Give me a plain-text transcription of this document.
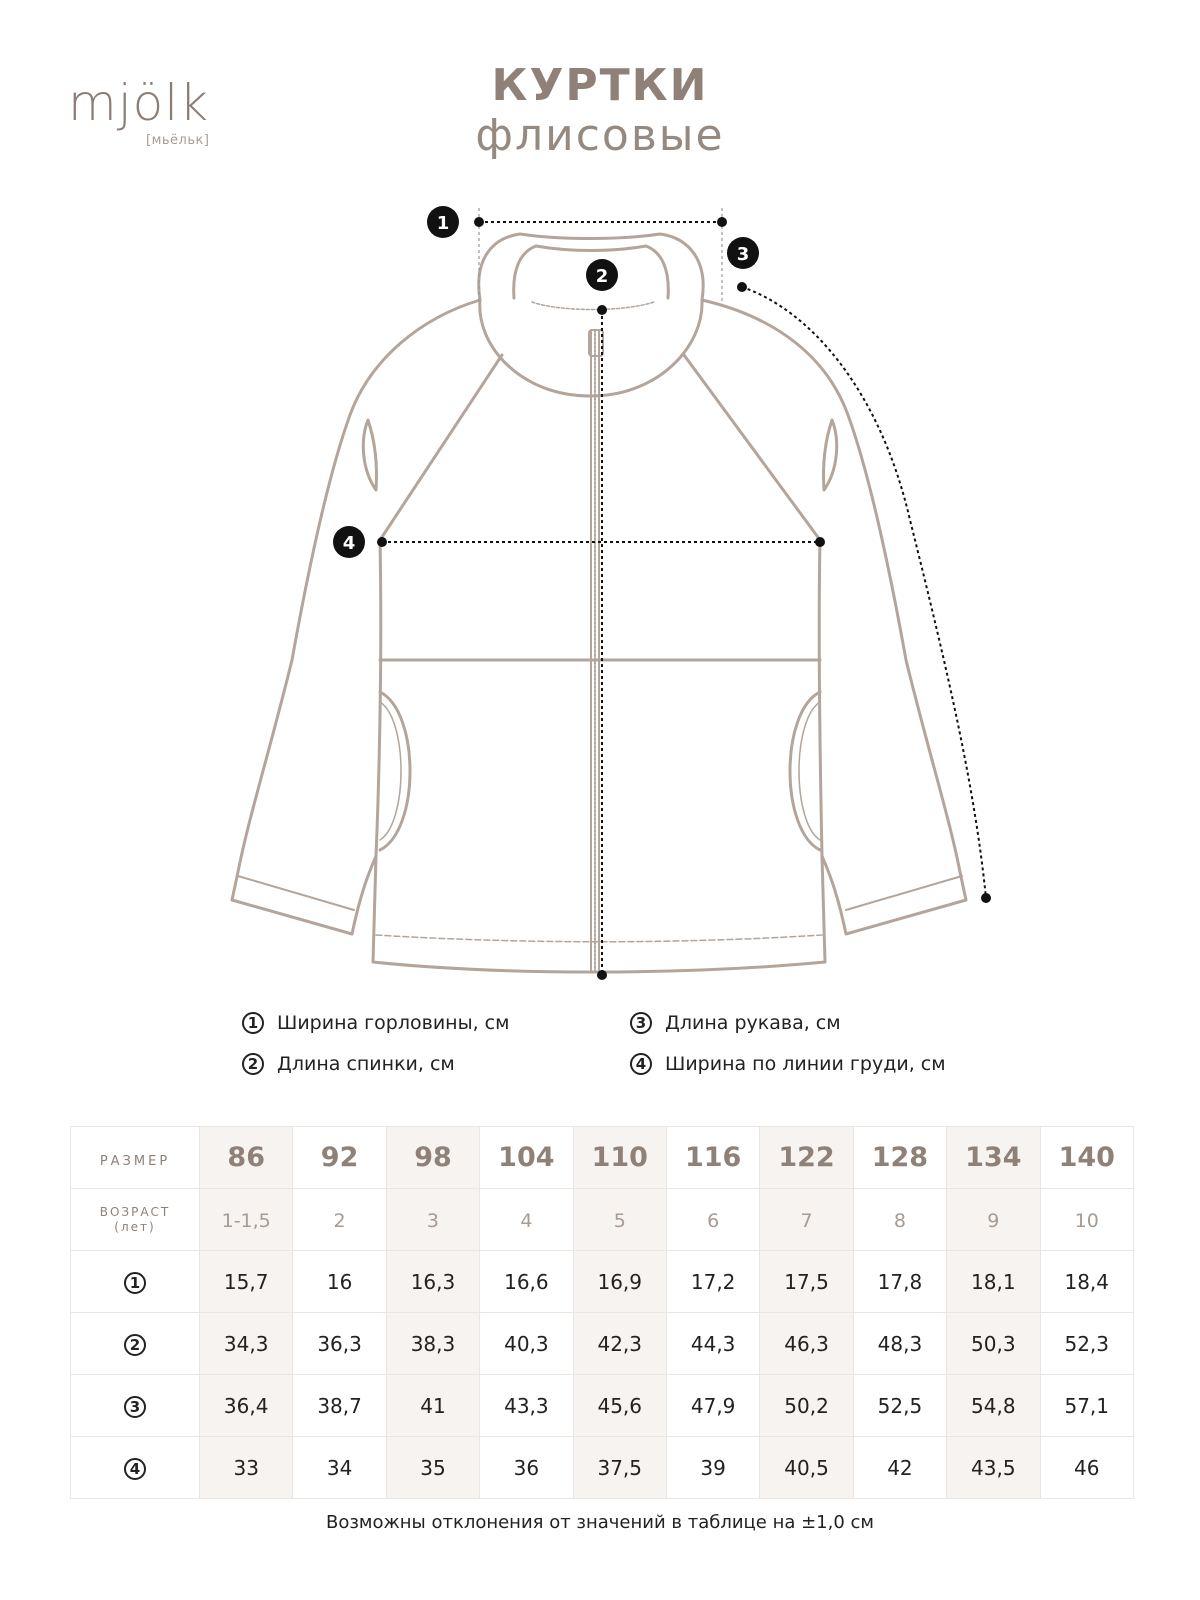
mjölk
[мьёльк]
КУРТКИ
флисовые
1
2
3
4
1 Ширина горловины, см
2 Длина спинки, см
3 Длина рукава, см
4 Ширина по линии груди, см
РАЗМЕР	86	92	98	104	110	116	122	128	134	140

ВОЗРАСТ
(лет)	1-1,5	2	3	4	5	6	7	8	9	10
1	15,7	16	16,3	16,6	16,9	17,2	17,5	17,8	18,1	18,4
2	34,3	36,3	38,3	40,3	42,3	44,3	46,3	48,3	50,3	52,3
3	36,4	38,7	41	43,3	45,6	47,9	50,2	52,5	54,8	57,1
4	33	34	35	36	37,5	39	40,5	42	43,5	46
Возможны отклонения от значений в таблице на ±1,0 см
